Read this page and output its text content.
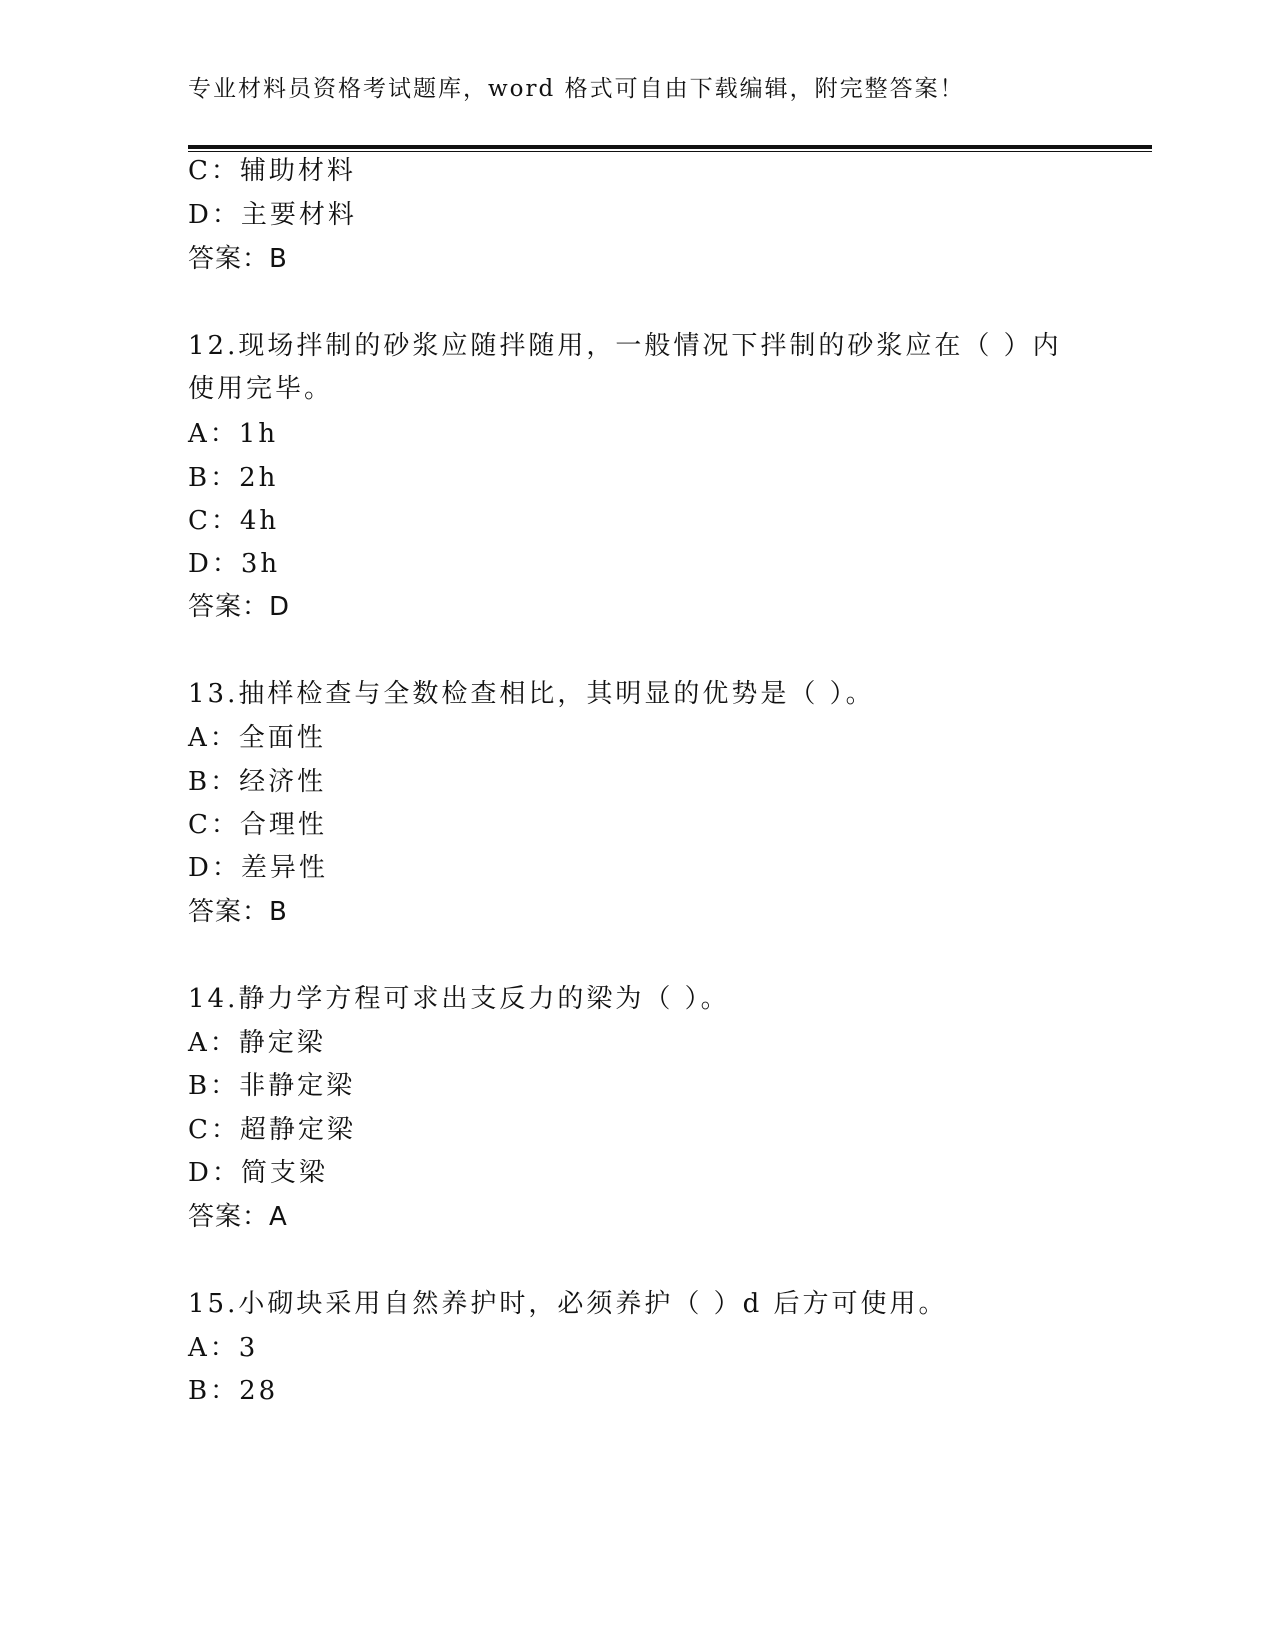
专业材料员资格考试题库，word 格式可自由下载编辑，附完整答案！
C：辅助材料
D：主要材料
答案：B
12.现场拌制的砂浆应随拌随用，一般情况下拌制的砂浆应在（ ）内
使用完毕。
A：1h
B：2h
C：4h
D：3h
答案：D
13.抽样检查与全数检查相比，其明显的优势是（ ）。
A：全面性
B：经济性
C：合理性
D：差异性
答案：B
14.静力学方程可求出支反力的梁为（ ）。
A：静定梁
B：非静定梁
C：超静定梁
D：简支梁
答案：A
15.小砌块采用自然养护时，必须养护（ ）d 后方可使用。
A：3
B：28
